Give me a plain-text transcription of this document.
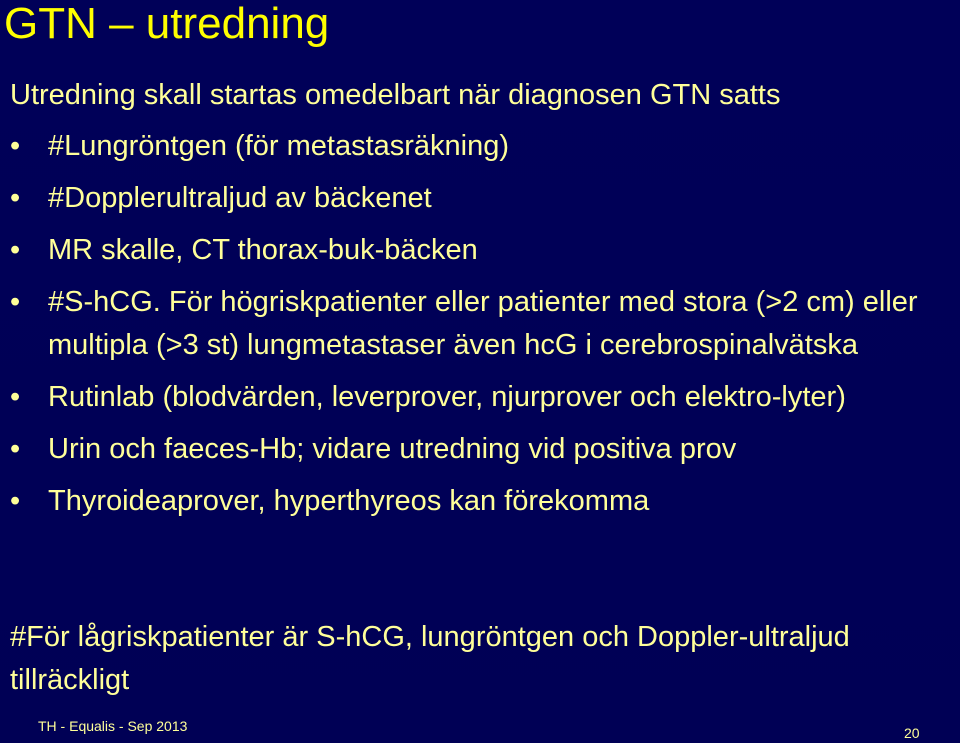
GTN – utredning
Utredning skall startas omedelbart när diagnosen GTN satts
• #Lungröntgen (för metastasräkning)
• #Dopplerultraljud av bäckenet
• MR skalle, CT thorax-buk-bäcken
• #S-hCG. För högriskpatienter eller patienter med stora (>2 cm) eller multipla (>3 st) lungmetastaser även hcG i cerebrospinalvätska
• Rutinlab (blodvärden, leverprover, njurprover och elektro-lyter)
• Urin och faeces-Hb; vidare utredning vid positiva prov
• Thyroideaprover, hyperthyreos kan förekomma
#För lågriskpatienter är S-hCG, lungröntgen och Doppler-ultraljud tillräckligt
TH - Equalis - Sep 2013	20
